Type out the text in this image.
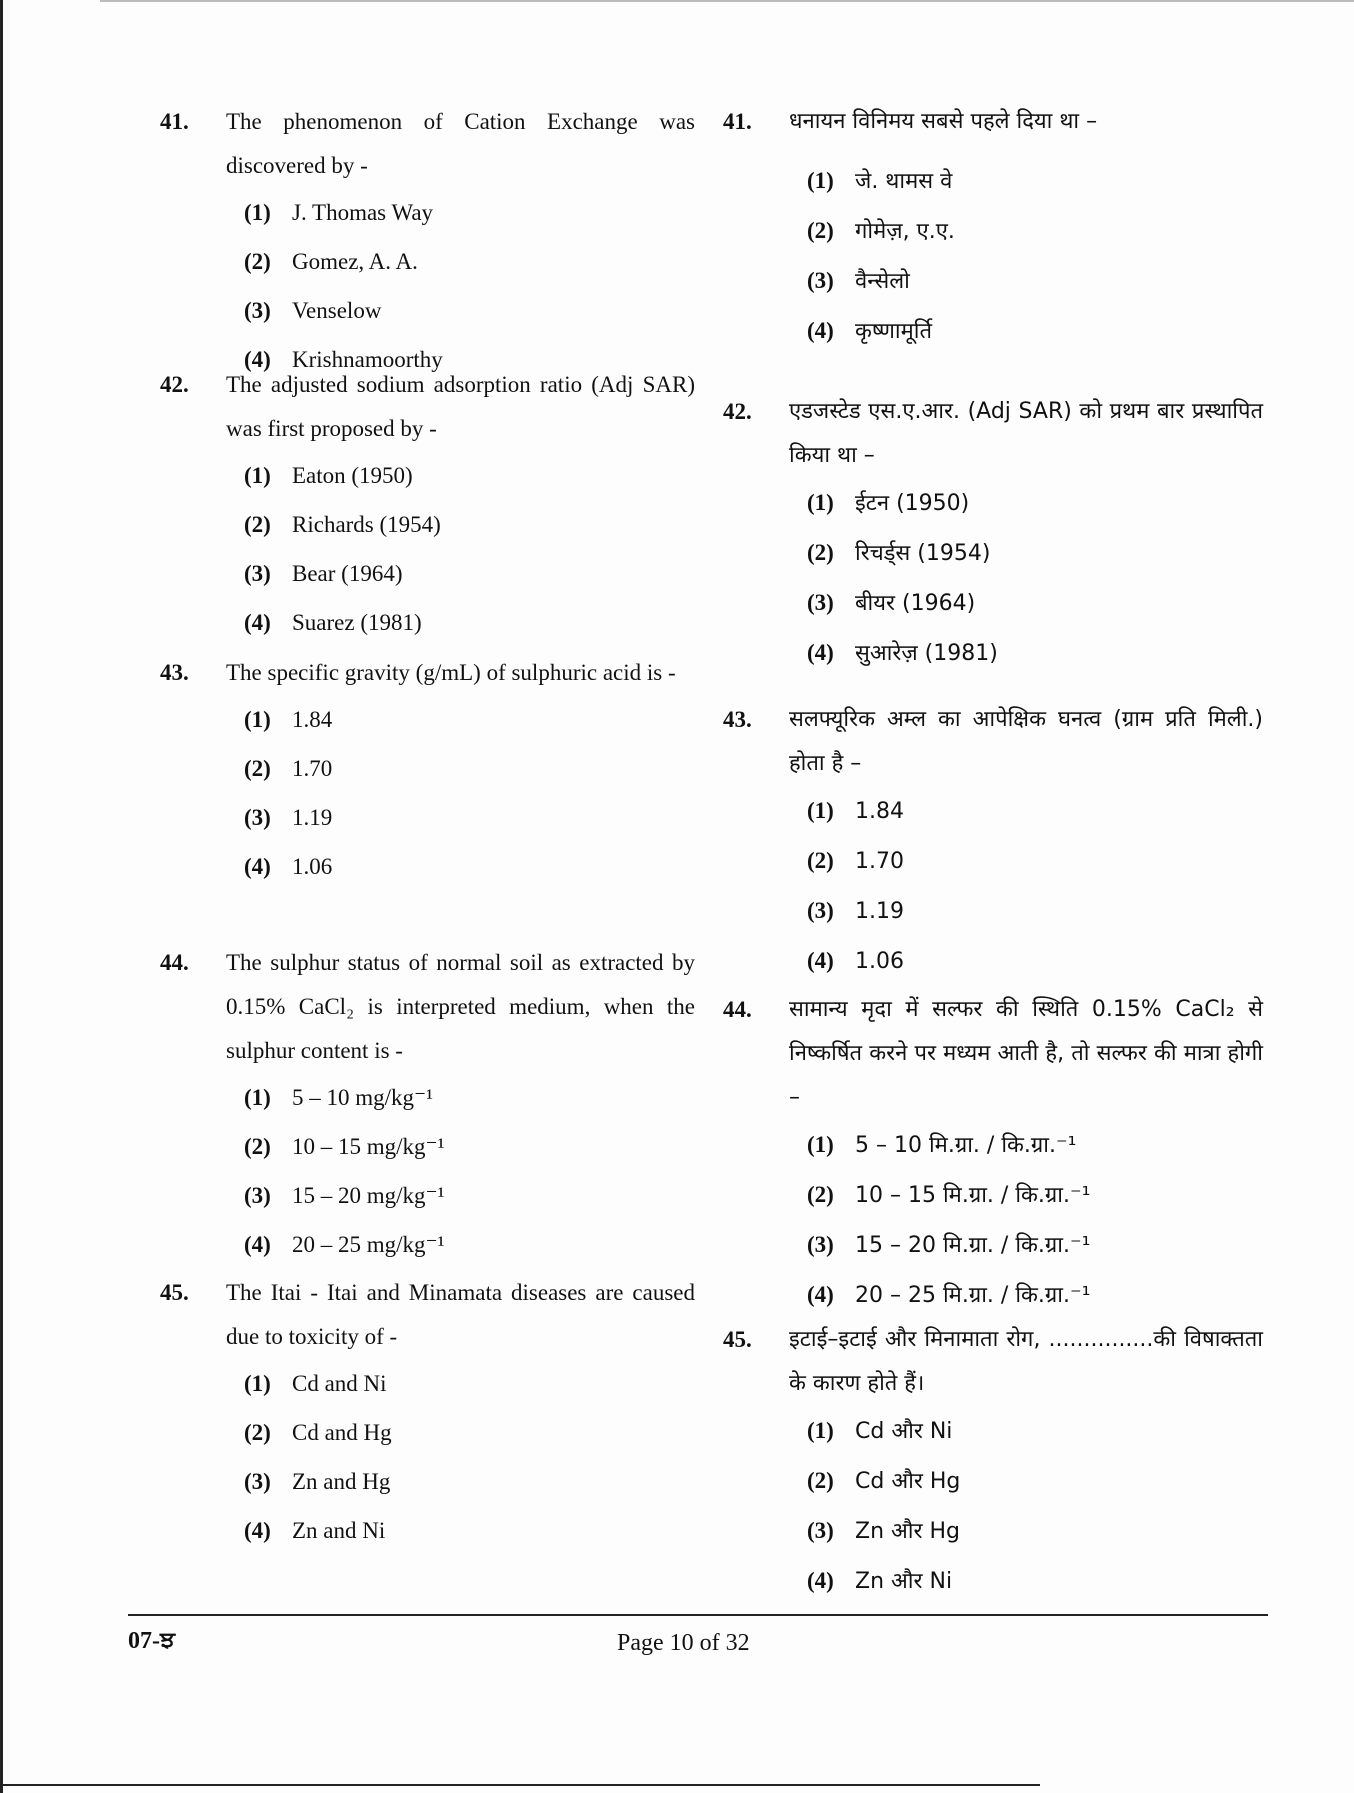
41. The phenomenon of Cation Exchange was discovered by -
(1) J. Thomas Way
(2) Gomez, A. A.
(3) Venselow
(4) Krishnamoorthy
42. The adjusted sodium adsorption ratio (Adj SAR) was first proposed by -
(1) Eaton (1950)
(2) Richards (1954)
(3) Bear (1964)
(4) Suarez (1981)
43. The specific gravity (g/mL) of sulphuric acid is -
(1) 1.84
(2) 1.70
(3) 1.19
(4) 1.06
44. The sulphur status of normal soil as extracted by 0.15% CaCl₂ is interpreted medium, when the sulphur content is -
(1) 5 – 10 mg/kg⁻¹
(2) 10 – 15 mg/kg⁻¹
(3) 15 – 20 mg/kg⁻¹
(4) 20 – 25 mg/kg⁻¹
45. The Itai - Itai and Minamata diseases are caused due to toxicity of -
(1) Cd and Ni
(2) Cd and Hg
(3) Zn and Hg
(4) Zn and Ni
41. धनायन विनिमय सबसे पहले दिया था –
(1) जे. थामस वे
(2) गोमेज़, ए.ए.
(3) वैन्सेलो
(4) कृष्णामूर्ति
42. एडजस्टेड एस.ए.आर. (Adj SAR) को प्रथम बार प्रस्थापित किया था –
(1) ईटन (1950)
(2) रिचर्ड्स (1954)
(3) बीयर (1964)
(4) सुआरेज़ (1981)
43. सलफ्यूरिक अम्ल का आपेक्षिक घनत्व (ग्राम प्रति मिली.) होता है –
(1) 1.84
(2) 1.70
(3) 1.19
(4) 1.06
44. सामान्य मृदा में सल्फर की स्थिति 0.15% CaCl₂ से निष्कर्षित करने पर मध्यम आती है, तो सल्फर की मात्रा होगी –
(1) 5 – 10 मि.ग्रा. / कि.ग्रा.⁻¹
(2) 10 – 15 मि.ग्रा. / कि.ग्रा.⁻¹
(3) 15 – 20 मि.ग्रा. / कि.ग्रा.⁻¹
(4) 20 – 25 मि.ग्रा. / कि.ग्रा.⁻¹
45. इटाई–इटाई और मिनामाता रोग, ...............की विषाक्तता के कारण होते हैं।
(1) Cd और Ni
(2) Cd और Hg
(3) Zn और Hg
(4) Zn और Ni
07-ਝ	Page 10 of 32
